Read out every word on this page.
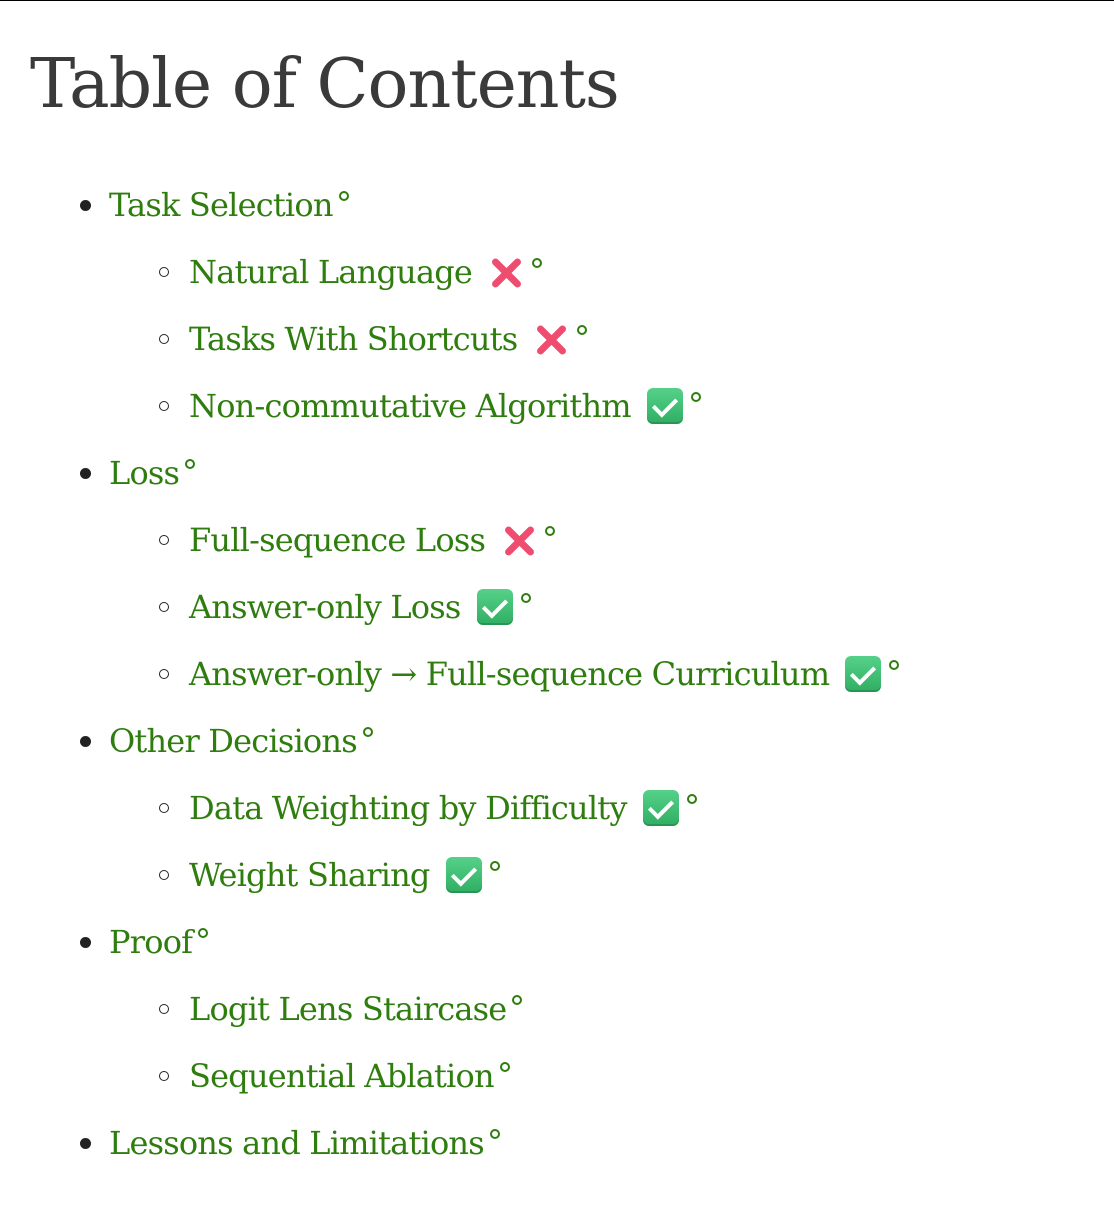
Table of Contents
Task Selection
Natural Language
Tasks With Shortcuts
Non-commutative Algorithm
Loss
Full-sequence Loss
Answer-only Loss
Answer-only → Full-sequence Curriculum
Other Decisions
Data Weighting by Difficulty
Weight Sharing
Proof
Logit Lens Staircase
Sequential Ablation
Lessons and Limitations
